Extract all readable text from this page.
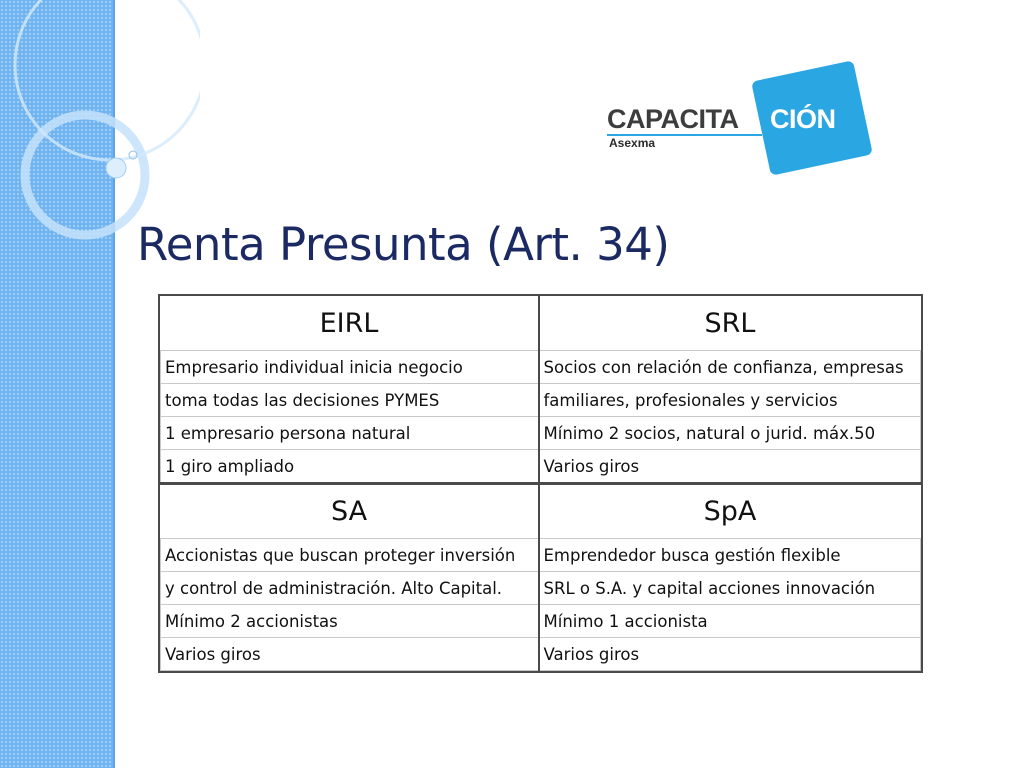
CAPACITA CIÓN
Asexma
Renta Presunta (Art. 34)
EIRL	SRL
Empresario individual inicia negocio	Socios con relación de confianza, empresas
toma todas las decisiones PYMES	familiares, profesionales y servicios
1 empresario persona natural	Mínimo 2 socios, natural o jurid. máx.50
1 giro ampliado	Varios giros
SA	SpA
Accionistas que buscan proteger inversión	Emprendedor busca gestión flexible
y control de administración. Alto Capital.	SRL o S.A. y capital acciones innovación
Mínimo 2 accionistas	Mínimo 1 accionista
Varios giros	Varios giros
